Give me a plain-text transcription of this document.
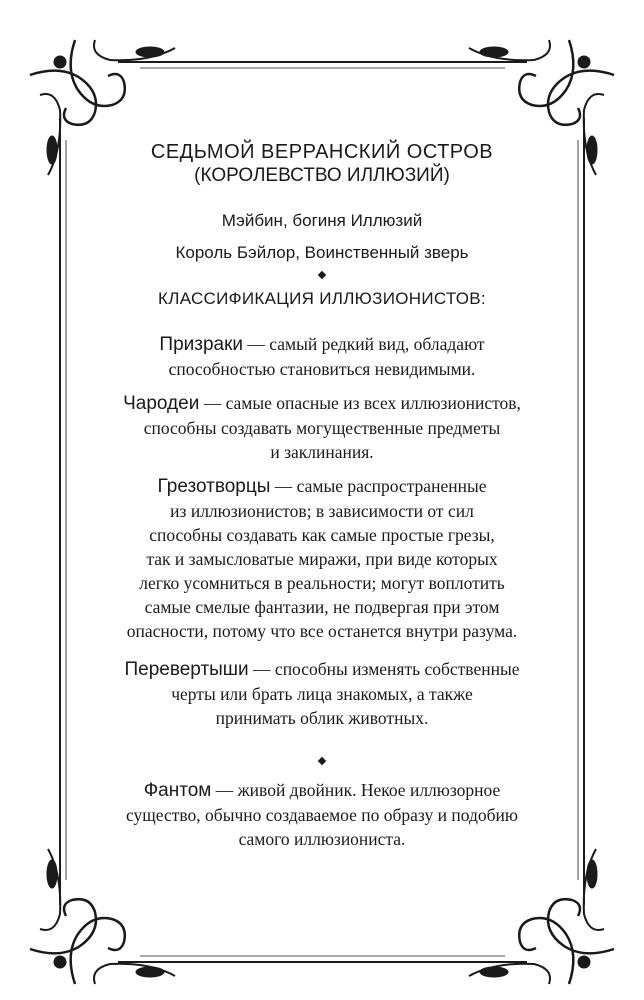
СЕДЬМОЙ ВЕРРАНСКИЙ ОСТРОВ

(КОРОЛЕВСТВО ИЛЛЮЗИЙ)

Мэйбин, богиня Иллюзий

Король Бэйлор, Воинственный зверь

КЛАССИФИКАЦИЯ ИЛЛЮЗИОНИСТОВ:

Призраки — самый редкий вид, обладают
способностью становиться невидимыми.

Чародеи — самые опасные из всех иллюзионистов,
способны создавать могущественные предметы
и заклинания.

Грезотворцы — самые распространенные
из иллюзионистов; в зависимости от сил
способны создавать как самые простые грезы,
так и замысловатые миражи, при виде которых
легко усомниться в реальности; могут воплотить
самые смелые фантазии, не подвергая при этом
опасности, потому что все останется внутри разума.

Перевертыши — способны изменять собственные
черты или брать лица знакомых, а также
принимать облик животных.

Фантом — живой двойник. Некое иллюзорное
существо, обычно создаваемое по образу и подобию
самого иллюзиониста.
